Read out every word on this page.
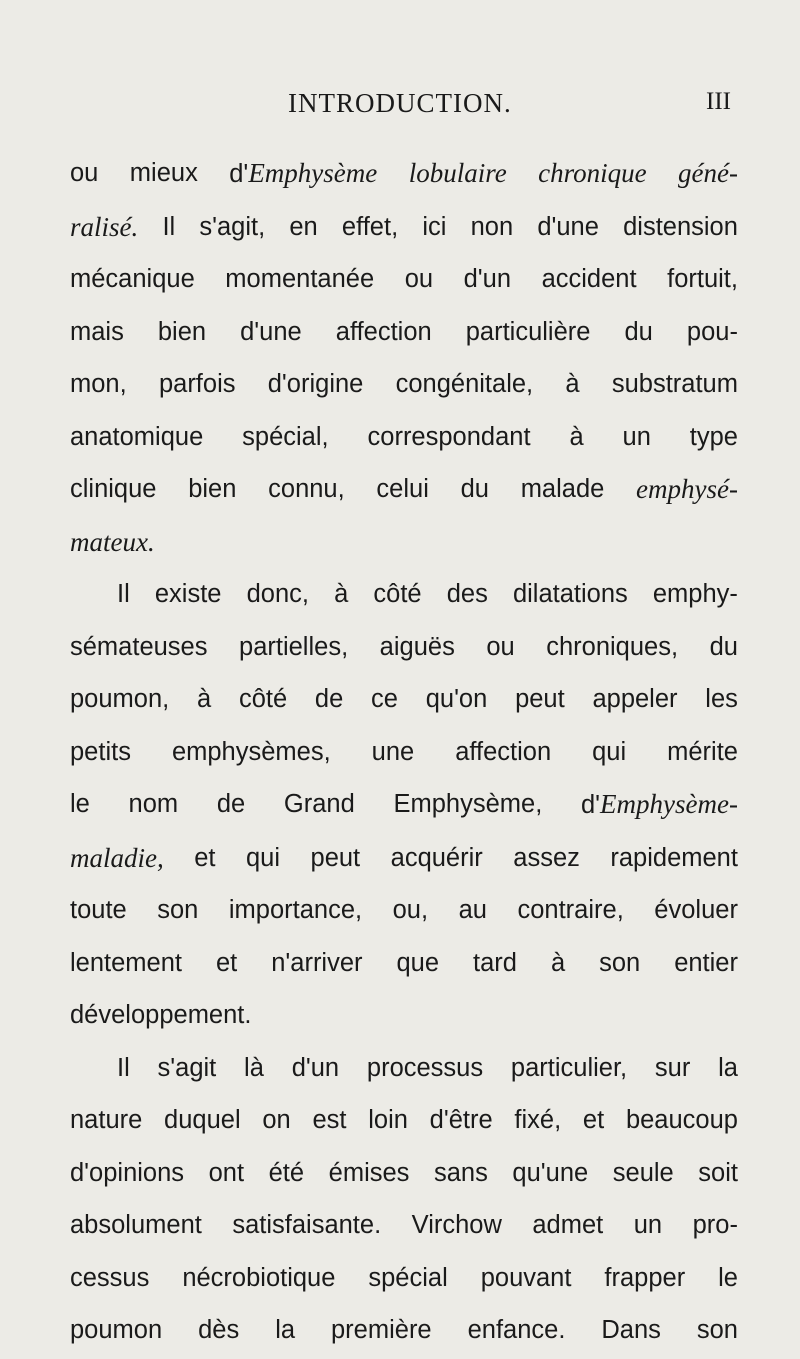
INTRODUCTION.	III
ou mieux d'Emphysème lobulaire chronique géné-
ralisé. Il s'agit, en effet, ici non d'une distension
mécanique momentanée ou d'un accident fortuit,
mais bien d'une affection particulière du pou-
mon, parfois d'origine congénitale, à substratum
anatomique spécial, correspondant à un type
clinique bien connu, celui du malade emphysé-
mateux.
Il existe donc, à côté des dilatations emphy-
sémateuses partielles, aiguës ou chroniques, du
poumon, à côté de ce qu'on peut appeler les
petits emphysèmes, une affection qui mérite
le nom de Grand Emphysème, d'Emphysème-
maladie, et qui peut acquérir assez rapidement
toute son importance, ou, au contraire, évoluer
lentement et n'arriver que tard à son entier
développement.
Il s'agit là d'un processus particulier, sur la
nature duquel on est loin d'être fixé, et beaucoup
d'opinions ont été émises sans qu'une seule soit
absolument satisfaisante. Virchow admet un pro-
cessus nécrobiotique spécial pouvant frapper le
poumon dès la première enfance. Dans son
